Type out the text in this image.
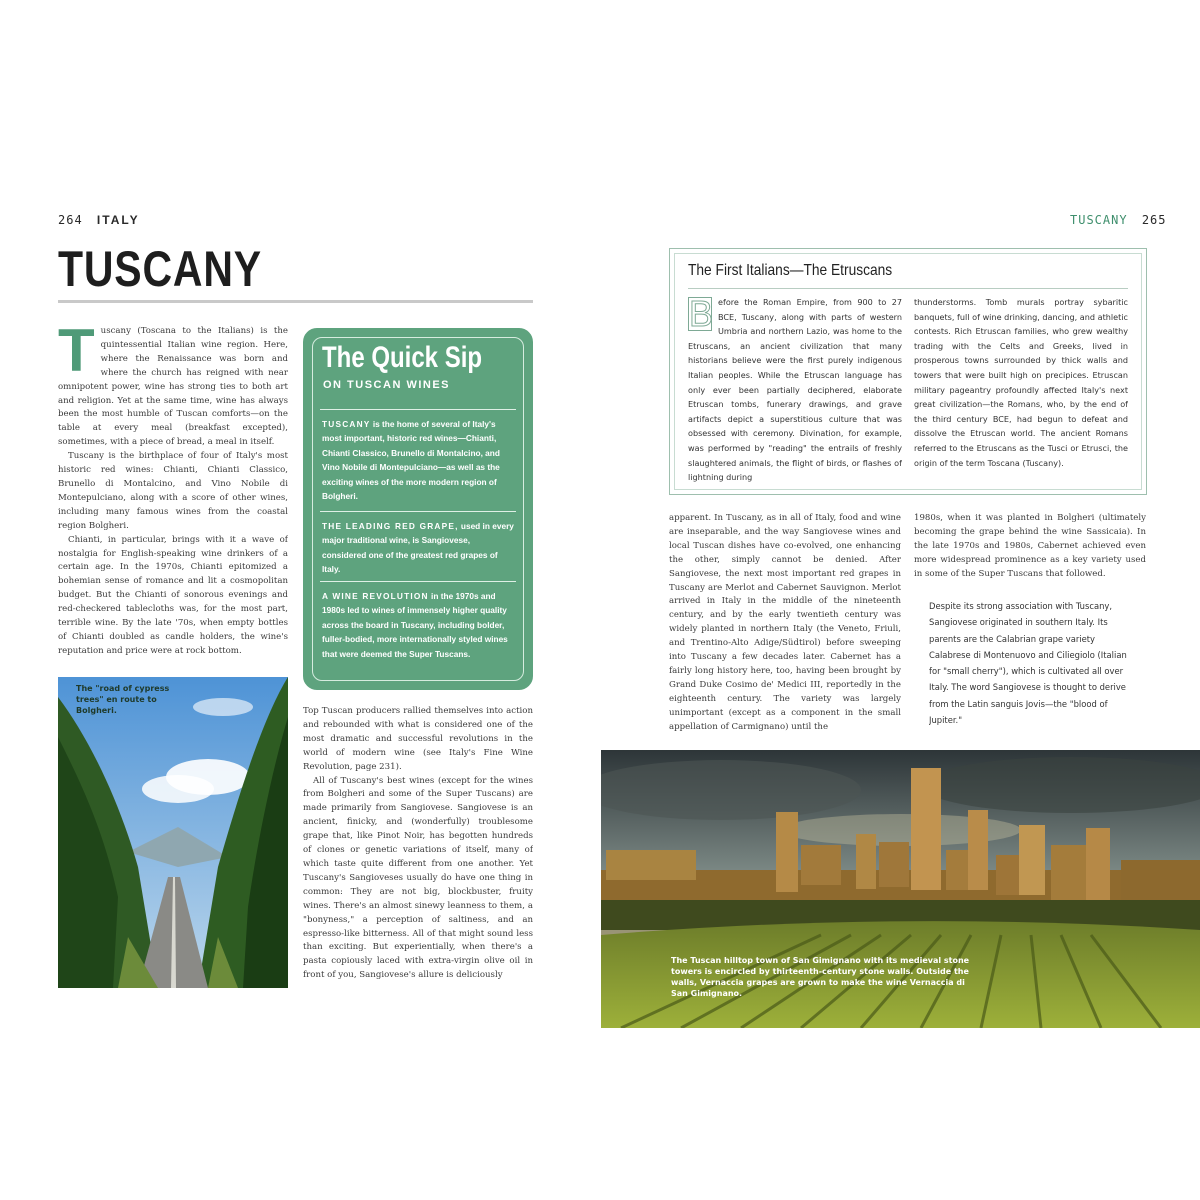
264 ITALY
TUSCANY
T uscany (Toscana to the Italians) is the quintessential Italian wine region. Here, where the Renaissance was born and where the church has reigned with near omnipotent power, wine has strong ties to both art and religion. Yet at the same time, wine has always been the most humble of Tuscan comforts—on the table at every meal (breakfast excepted), sometimes, with a piece of bread, a meal in itself.

Tuscany is the birthplace of four of Italy's most historic red wines: Chianti, Chianti Classico, Brunello di Montalcino, and Vino Nobile di Montepulciano, along with a score of other wines, including many famous wines from the coastal region Bolgheri.

Chianti, in particular, brings with it a wave of nostalgia for English-speaking wine drinkers of a certain age. In the 1970s, Chianti epitomized a bohemian sense of romance and lit a cosmopolitan budget. But the Chianti of sonorous evenings and red-checkered tablecloths was, for the most part, terrible wine. By the late '70s, when empty bottles of Chianti doubled as candle holders, the wine's reputation and price were at rock bottom.

The Quick Sip
ON TUSCAN WINES
TUSCANY is the home of several of Italy's most important, historic red wines—Chianti, Chianti Classico, Brunello di Montalcino, and Vino Nobile di Montepulciano—as well as the exciting wines of the more modern region of Bolgheri.
THE LEADING RED GRAPE, used in every major traditional wine, is Sangiovese, considered one of the greatest red grapes of Italy.
A WINE REVOLUTION in the 1970s and 1980s led to wines of immensely higher quality across the board in Tuscany, including bolder, fuller-bodied, more internationally styled wines that were deemed the Super Tuscans.
The "road of cypress trees" en route to Bolgheri.	Top Tuscan producers rallied themselves into action and rebounded with what is considered one of the most dramatic and successful revolutions in the world of modern wine (see Italy's Fine Wine Revolution, page 231).

All of Tuscany's best wines (except for the wines from Bolgheri and some of the Super Tuscans) are made primarily from Sangiovese. Sangiovese is an ancient, finicky, and (wonderfully) troublesome grape that, like Pinot Noir, has begotten hundreds of clones or genetic variations of itself, many of which taste quite different from one another. Yet Tuscany's Sangioveses usually do have one thing in common: They are not big, blockbuster, fruity wines. There's an almost sinewy leanness to them, a "bonyness," a perception of saltiness, and an espresso-like bitterness. All of that might sound less than exciting. But experientially, when there's a pasta copiously laced with extra-virgin olive oil in front of you, Sangiovese's allure is deliciously

TUSCANY 265
The First Italians—The Etruscans
B efore the Roman Empire, from 900 to 27 BCE, Tuscany, along with parts of western Umbria and northern Lazio, was home to the Etruscans, an ancient civilization that many historians believe were the first purely indigenous Italian peoples. While the Etruscan language has only ever been partially deciphered, elaborate Etruscan tombs, funerary drawings, and grave artifacts depict a superstitious culture that was obsessed with ceremony. Divination, for example, was performed by "reading" the entrails of freshly slaughtered animals, the flight of birds, or flashes of lightning during
thunderstorms. Tomb murals portray sybaritic banquets, full of wine drinking, dancing, and athletic contests. Rich Etruscan families, who grew wealthy trading with the Celts and Greeks, lived in prosperous towns surrounded by thick walls and towers that were built high on precipices. Etruscan military pageantry profoundly affected Italy's next great civilization—the Romans, who, by the end of the third century BCE, had begun to defeat and dissolve the Etruscan world. The ancient Romans referred to the Etruscans as the Tusci or Etrusci, the origin of the term Toscana (Tuscany).

apparent. In Tuscany, as in all of Italy, food and wine are inseparable, and the way Sangiovese wines and local Tuscan dishes have co-evolved, one enhancing the other, simply cannot be denied. After Sangiovese, the next most important red grapes in Tuscany are Merlot and Cabernet Sauvignon. Merlot arrived in Italy in the middle of the nineteenth century, and by the early twentieth century was widely planted in northern Italy (the Veneto, Friuli, and Trentino-Alto Adige/Südtirol) before sweeping into Tuscany a few decades later. Cabernet has a fairly long history here, too, having been brought by Grand Duke Cosimo de' Medici III, reportedly in the eighteenth century. The variety was largely unimportant (except as a component in the small appellation of Carmignano) until the

1980s, when it was planted in Bolgheri (ultimately becoming the grape behind the wine Sassicaia). In the late 1970s and 1980s, Cabernet achieved even more widespread prominence as a key variety used in some of the Super Tuscans that followed.

Despite its strong association with Tuscany, Sangiovese originated in southern Italy. Its parents are the Calabrian grape variety Calabrese di Montenuovo and Ciliegiolo (Italian for "small cherry"), which is cultivated all over Italy. The word Sangiovese is thought to derive from the Latin sanguis Jovis—the "blood of Jupiter."
The Tuscan hilltop town of San Gimignano with its medieval stone towers is encircled by thirteenth-century stone walls. Outside the walls, Vernaccia grapes are grown to make the wine Vernaccia di San Gimignano.
